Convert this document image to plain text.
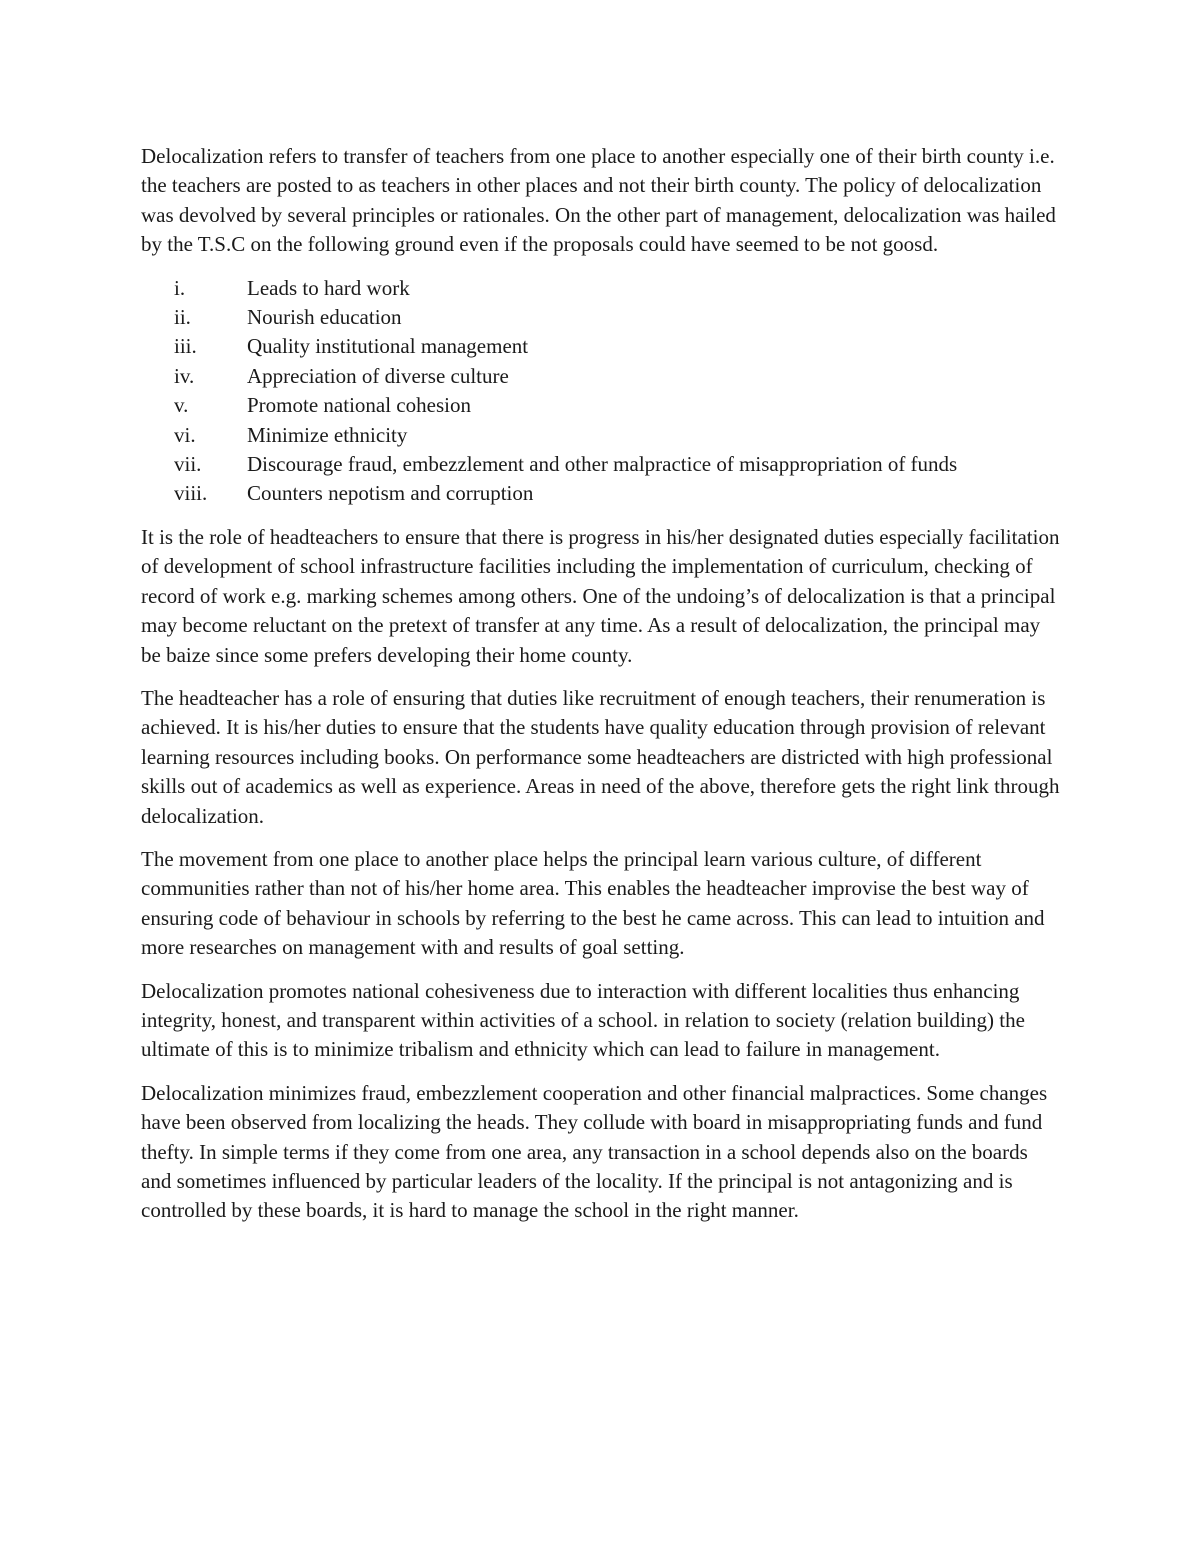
Delocalization refers to transfer of teachers from one place to another especially one of their birth county i.e. the teachers are posted to as teachers in other places and not their birth county. The policy of delocalization was devolved by several principles or rationales. On the other part of management, delocalization was hailed by the T.S.C on the following ground even if the proposals could have seemed to be not goosd.

i.	Leads to hard work
ii.	Nourish education
iii.	Quality institutional management
iv.	Appreciation of diverse culture
v.	Promote national cohesion
vi.	Minimize ethnicity
vii.	Discourage fraud, embezzlement and other malpractice of misappropriation of funds
viii.	Counters nepotism and corruption

It is the role of headteachers to ensure that there is progress in his/her designated duties especially facilitation of development of school infrastructure facilities including the implementation of curriculum, checking of record of work e.g. marking schemes among others. One of the undoing’s of delocalization is that a principal may become reluctant on the pretext of transfer at any time. As a result of delocalization, the principal may be baize since some prefers developing their home county.

The headteacher has a role of ensuring that duties like recruitment of enough teachers, their renumeration is achieved. It is his/her duties to ensure that the students have quality education through provision of relevant learning resources including books. On performance some headteachers are districted with high professional skills out of academics as well as experience. Areas in need of the above, therefore gets the right link through delocalization.

The movement from one place to another place helps the principal learn various culture, of different communities rather than not of his/her home area. This enables the headteacher improvise the best way of ensuring code of behaviour in schools by referring to the best he came across. This can lead to intuition and more researches on management with and results of goal setting.

Delocalization promotes national cohesiveness due to interaction with different localities thus enhancing integrity, honest, and transparent within activities of a school. in relation to society (relation building) the ultimate of this is to minimize tribalism and ethnicity which can lead to failure in management.

Delocalization minimizes fraud, embezzlement cooperation and other financial malpractices. Some changes have been observed from localizing the heads. They collude with board in misappropriating funds and fund thefty. In simple terms if they come from one area, any transaction in a school depends also on the boards and sometimes influenced by particular leaders of the locality. If the principal is not antagonizing and is controlled by these boards, it is hard to manage the school in the right manner.
